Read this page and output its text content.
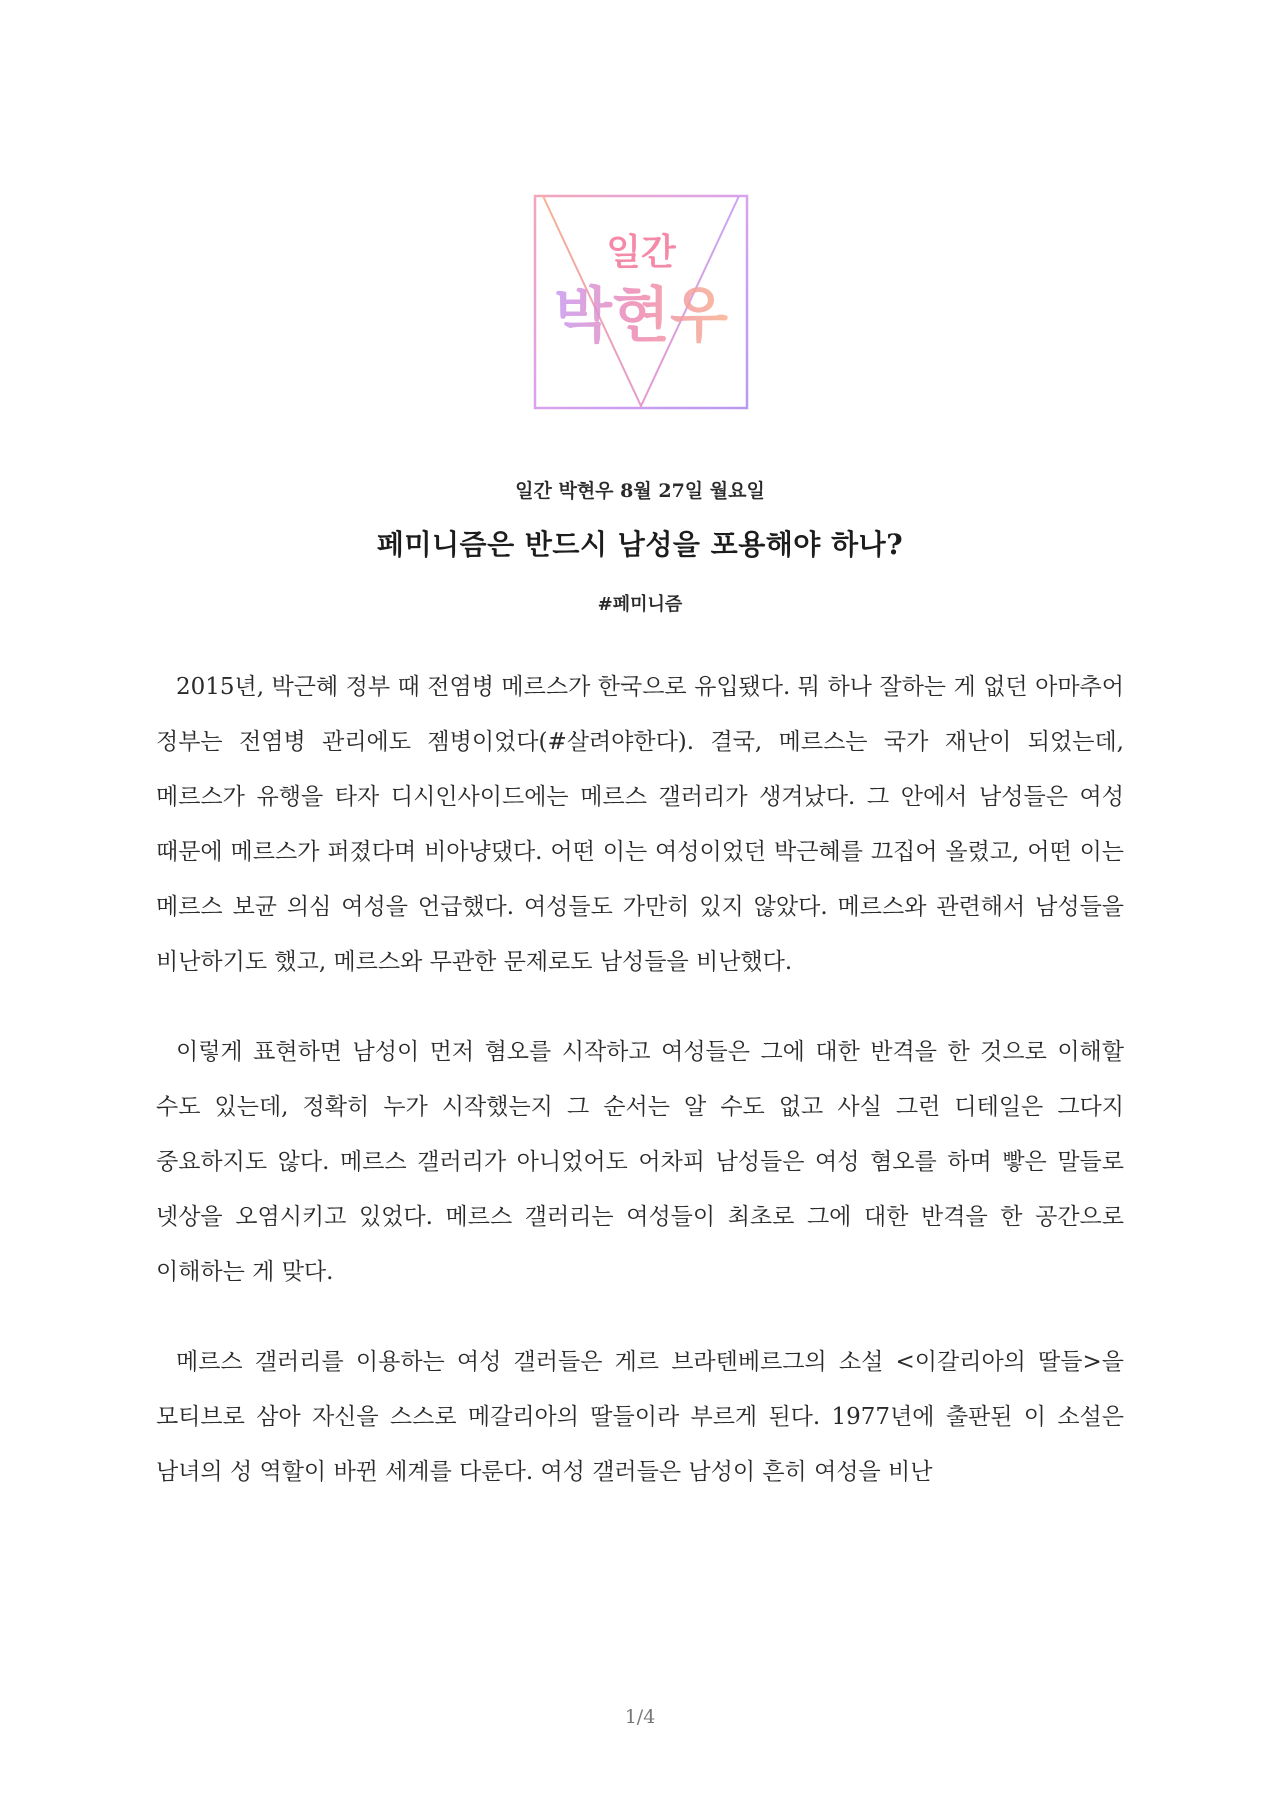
일간
박현우
일간 박현우 8월 27일 월요일
페미니즘은 반드시 남성을 포용해야 하나?
#페미니즘

2015년, 박근혜 정부 때 전염병 메르스가 한국으로 유입됐다. 뭐 하나 잘하는 게 없던 아마추어 정부는 전염병 관리에도 젬병이었다(#살려야한다). 결국, 메르스는 국가 재난이 되었는데, 메르스가 유행을 타자 디시인사이드에는 메르스 갤러리가 생겨났다. 그 안에서 남성들은 여성 때문에 메르스가 퍼졌다며 비아냥댔다. 어떤 이는 여성이었던 박근혜를 끄집어 올렸고, 어떤 이는 메르스 보균 의심 여성을 언급했다. 여성들도 가만히 있지 않았다. 메르스와 관련해서 남성들을 비난하기도 했고, 메르스와 무관한 문제로도 남성들을 비난했다.

이렇게 표현하면 남성이 먼저 혐오를 시작하고 여성들은 그에 대한 반격을 한 것으로 이해할 수도 있는데, 정확히 누가 시작했는지 그 순서는 알 수도 없고 사실 그런 디테일은 그다지 중요하지도 않다. 메르스 갤러리가 아니었어도 어차피 남성들은 여성 혐오를 하며 빻은 말들로 넷상을 오염시키고 있었다. 메르스 갤러리는 여성들이 최초로 그에 대한 반격을 한 공간으로 이해하는 게 맞다.

메르스 갤러리를 이용하는 여성 갤러들은 게르 브라텐베르그의 소설 <이갈리아의 딸들>을 모티브로 삼아 자신을 스스로 메갈리아의 딸들이라 부르게 된다. 1977년에 출판된 이 소설은 남녀의 성 역할이 바뀐 세계를 다룬다. 여성 갤러들은 남성이 흔히 여성을 비난

1/4
